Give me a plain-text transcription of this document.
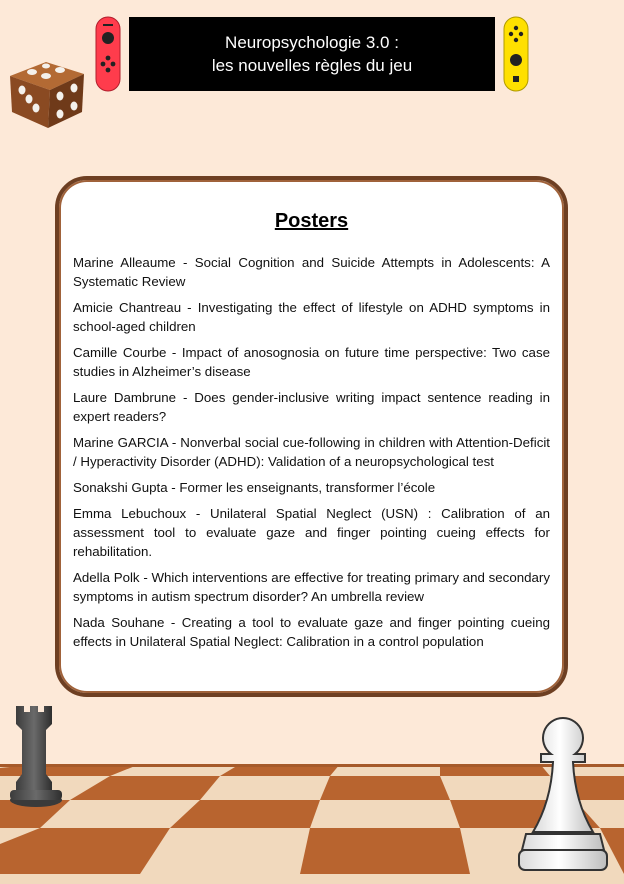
Neuropsychologie 3.0 :
les nouvelles règles du jeu
Posters
Marine Alleaume - Social Cognition and Suicide Attempts in Adolescents: A Systematic Review
Amicie Chantreau - Investigating the effect of lifestyle on ADHD symptoms in school-aged children
Camille Courbe - Impact of anosognosia on future time perspective: Two case studies in Alzheimer’s disease
Laure Dambrune - Does gender-inclusive writing impact sentence reading in expert readers?
Marine GARCIA - Nonverbal social cue-following in children with Attention-Deficit / Hyperactivity Disorder (ADHD): Validation of a neuropsychological test
Sonakshi Gupta - Former les enseignants, transformer l’école
Emma Lebuchoux - Unilateral Spatial Neglect (USN) : Calibration of an assessment tool to evaluate gaze and finger pointing cueing effects for rehabilitation.
Adella Polk - Which interventions are effective for treating primary and secondary symptoms in autism spectrum disorder? An umbrella review
Nada Souhane - Creating a tool to evaluate gaze and finger pointing cueing effects in Unilateral Spatial Neglect: Calibration in a control population
